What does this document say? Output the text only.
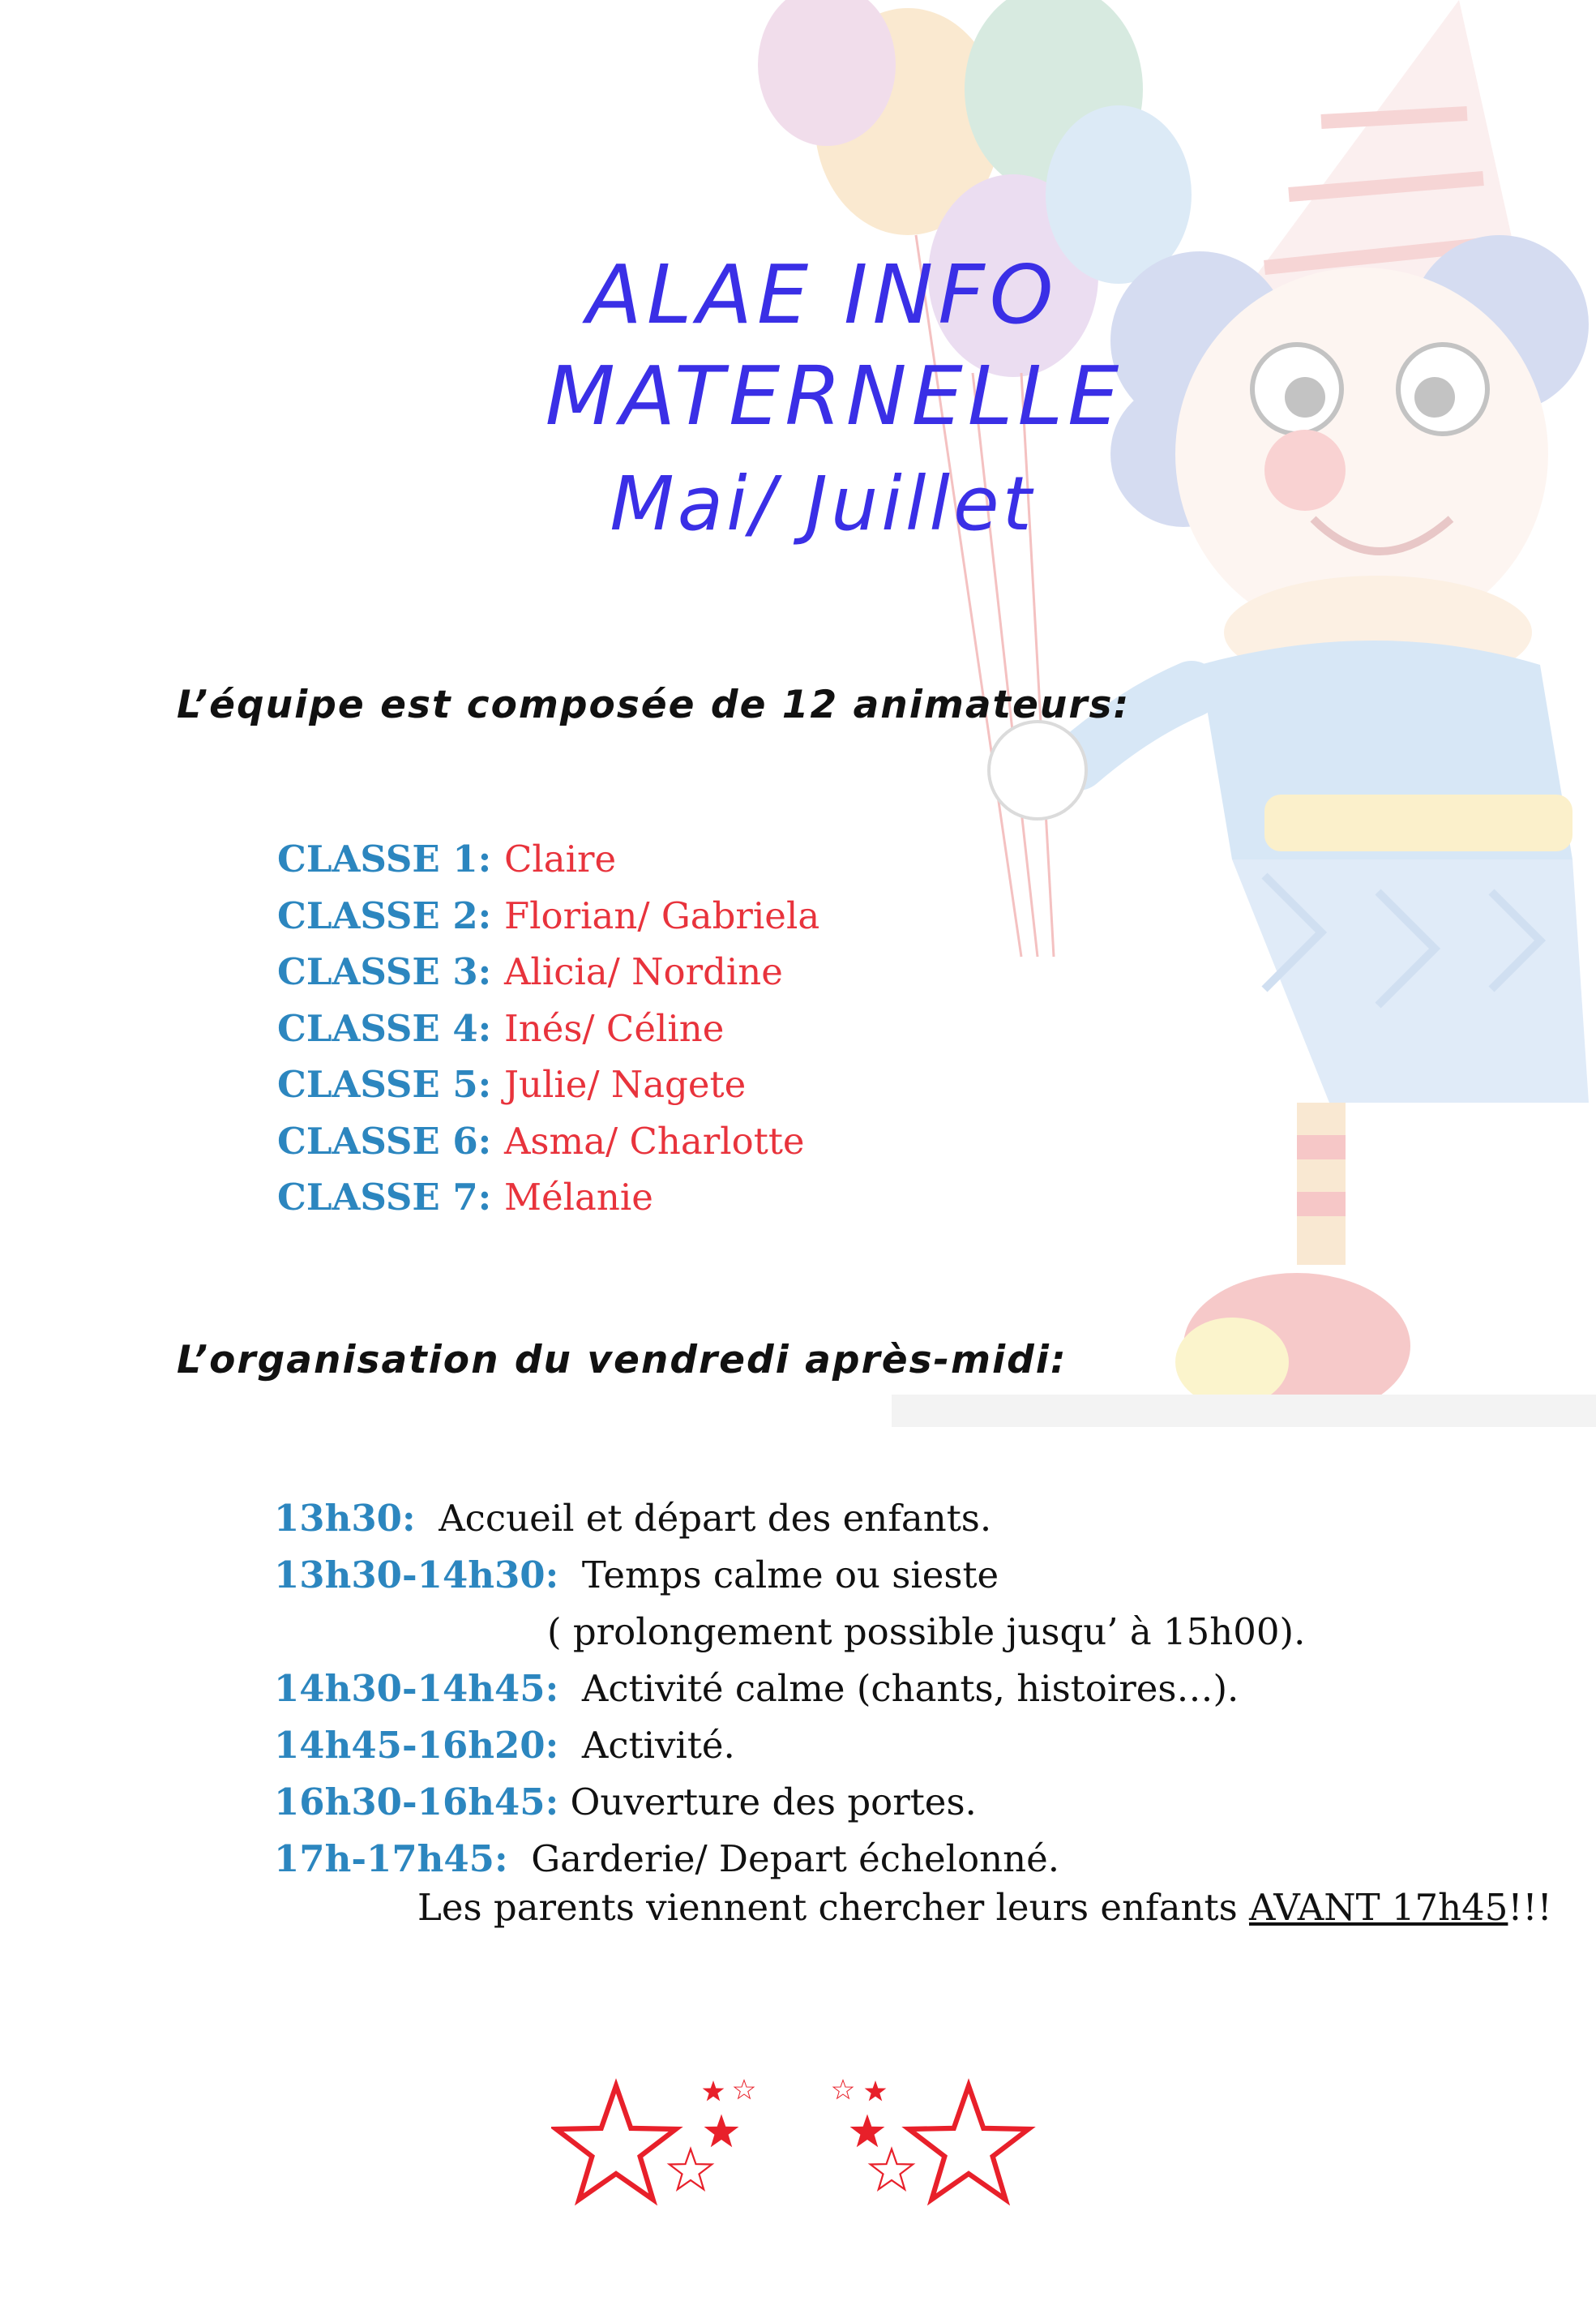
ALAE INFO
MATERNELLE
Mai/ Juillet
L’équipe est composée de 12 animateurs:
CLASSE 1: Claire
CLASSE 2: Florian/ Gabriela
CLASSE 3: Alicia/ Nordine
CLASSE 4: Inés/ Céline
CLASSE 5: Julie/ Nagete
CLASSE 6: Asma/ Charlotte
CLASSE 7: Mélanie
L’organisation du vendredi après-midi:
13h30: Accueil et départ des enfants.
13h30-14h30: Temps calme ou sieste
( prolongement possible jusqu’ à 15h00).
14h30-14h45: Activité calme (chants, histoires…).
14h45-16h20: Activité.
16h30-16h45: Ouverture des portes.
17h-17h45: Garderie/ Depart échelonné.
Les parents viennent chercher leurs enfants AVANT 17h45!!!
